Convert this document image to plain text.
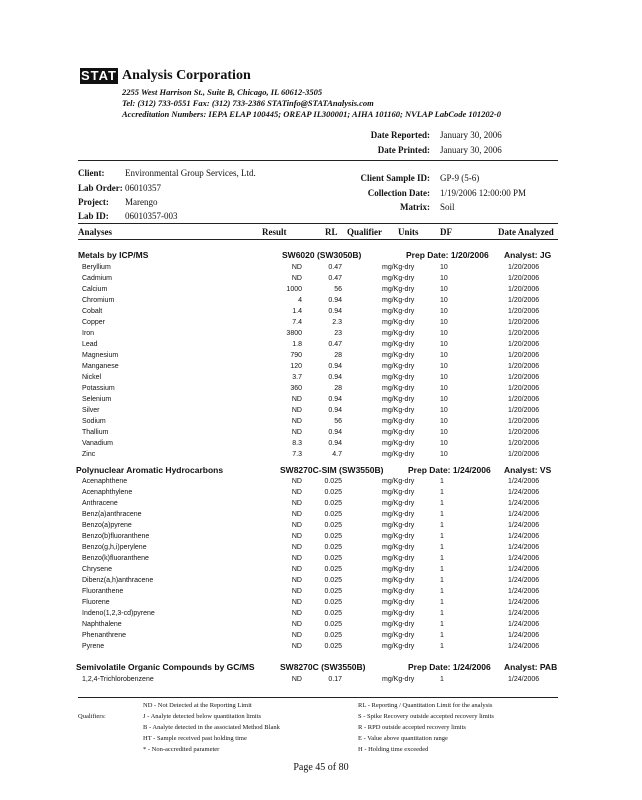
STAT Analysis Corporation
2255 West Harrison St., Suite B, Chicago, IL 60612-3505
Tel: (312) 733-0551 Fax: (312) 733-2386 STATinfo@STATAnalysis.com
Accreditation Numbers: IEPA ELAP 100445; OREAP IL300001; AIHA 101160; NVLAP LabCode 101202-0
Date Reported: January 30, 2006
Date Printed: January 30, 2006
Client: Environmental Group Services, Ltd.
Lab Order: 06010357
Project: Marengo
Lab ID: 06010357-003
Client Sample ID: GP-9 (5-6)
Collection Date: 1/19/2006 12:00:00 PM
Matrix: Soil
Analyses	Result	RL Qualifier Units DF	Date Analyzed
Metals by ICP/MS	SW6020 (SW3050B)	Prep Date: 1/20/2006 Analyst: JG
Beryllium	ND	0.47	mg/Kg-dry	10	1/20/2006
Cadmium	ND	0.47	mg/Kg-dry	10	1/20/2006
Calcium	1000	56	mg/Kg-dry	10	1/20/2006
Chromium	4	0.94	mg/Kg-dry	10	1/20/2006
Cobalt	1.4	0.94	mg/Kg-dry	10	1/20/2006
Copper	7.4	2.3	mg/Kg-dry	10	1/20/2006
Iron	3800	23	mg/Kg-dry	10	1/20/2006
Lead	1.8	0.47	mg/Kg-dry	10	1/20/2006
Magnesium	790	28	mg/Kg-dry	10	1/20/2006
Manganese	120	0.94	mg/Kg-dry	10	1/20/2006
Nickel	3.7	0.94	mg/Kg-dry	10	1/20/2006
Potassium	360	28	mg/Kg-dry	10	1/20/2006
Selenium	ND	0.94	mg/Kg-dry	10	1/20/2006
Silver	ND	0.94	mg/Kg-dry	10	1/20/2006
Sodium	ND	56	mg/Kg-dry	10	1/20/2006
Thallium	ND	0.94	mg/Kg-dry	10	1/20/2006
Vanadium	8.3	0.94	mg/Kg-dry	10	1/20/2006
Zinc	7.3	4.7	mg/Kg-dry	10	1/20/2006
Polynuclear Aromatic Hydrocarbons	SW8270C-SIM (SW3550B)	Prep Date: 1/24/2006 Analyst: VS
Acenaphthene	ND	0.025	mg/Kg-dry	1	1/24/2006
Acenaphthylene	ND	0.025	mg/Kg-dry	1	1/24/2006
Anthracene	ND	0.025	mg/Kg-dry	1	1/24/2006
Benz(a)anthracene	ND	0.025	mg/Kg-dry	1	1/24/2006
Benzo(a)pyrene	ND	0.025	mg/Kg-dry	1	1/24/2006
Benzo(b)fluoranthene	ND	0.025	mg/Kg-dry	1	1/24/2006
Benzo(g,h,i)perylene	ND	0.025	mg/Kg-dry	1	1/24/2006
Benzo(k)fluoranthene	ND	0.025	mg/Kg-dry	1	1/24/2006
Chrysene	ND	0.025	mg/Kg-dry	1	1/24/2006
Dibenz(a,h)anthracene	ND	0.025	mg/Kg-dry	1	1/24/2006
Fluoranthene	ND	0.025	mg/Kg-dry	1	1/24/2006
Fluorene	ND	0.025	mg/Kg-dry	1	1/24/2006
Indeno(1,2,3-cd)pyrene	ND	0.025	mg/Kg-dry	1	1/24/2006
Naphthalene	ND	0.025	mg/Kg-dry	1	1/24/2006
Phenanthrene	ND	0.025	mg/Kg-dry	1	1/24/2006
Pyrene	ND	0.025	mg/Kg-dry	1	1/24/2006
Semivolatile Organic Compounds by GC/MS	SW8270C (SW3550B)	Prep Date: 1/24/2006 Analyst: PAB
1,2,4-Trichlorobenzene	ND	0.17	mg/Kg-dry	1	1/24/2006
Qualifiers:
ND - Not Detected at the Reporting Limit
J - Analyte detected below quantitation limits
B - Analyte detected in the associated Method Blank
HT - Sample received past holding time
* - Non-accredited parameter
RL - Reporting / Quantitation Limit for the analysis
S - Spike Recovery outside accepted recovery limits
R - RPD outside accepted recovery limits
E - Value above quantitation range
H - Holding time exceeded
Page 45 of 80
